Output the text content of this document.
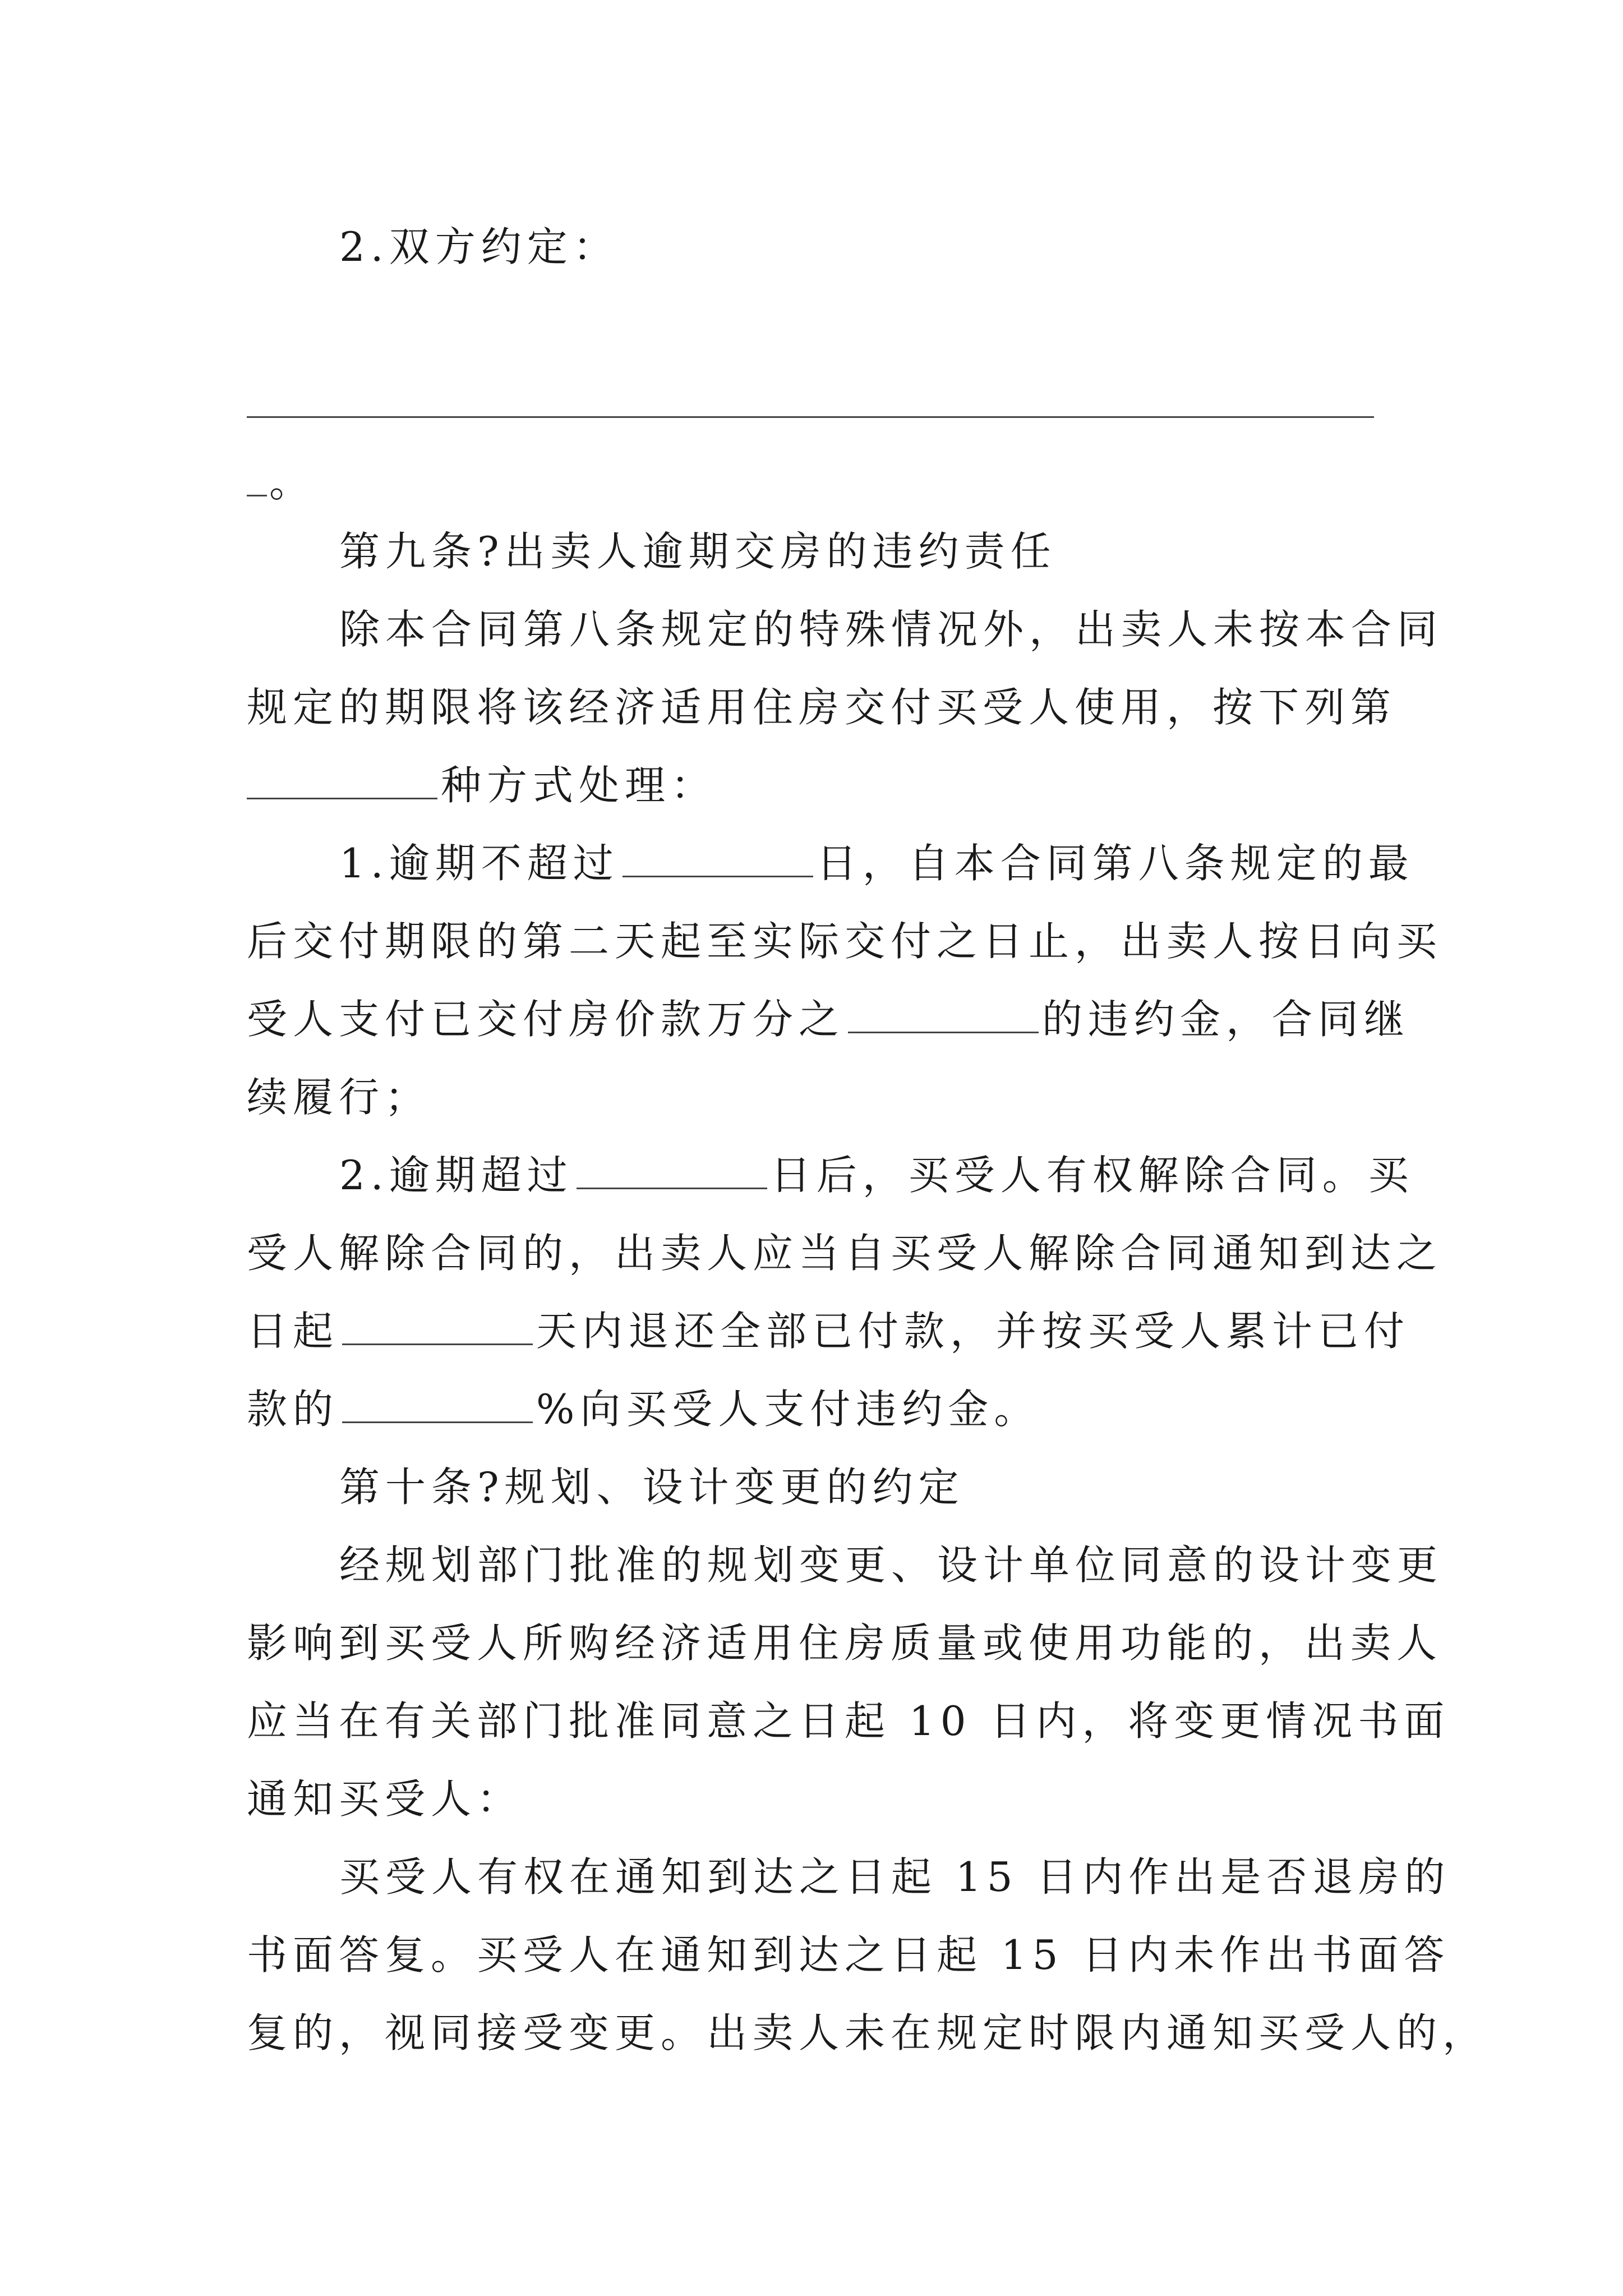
2.双方约定：
。
第九条?出卖人逾期交房的违约责任
除本合同第八条规定的特殊情况外，出卖人未按本合同
规定的期限将该经济适用住房交付买受人使用，按下列第
种方式处理：
1.逾期不超过	日，自本合同第八条规定的最
后交付期限的第二天起至实际交付之日止，出卖人按日向买
受人支付已交付房价款万分之	的违约金，合同继
续履行；
2.逾期超过	日后，买受人有权解除合同。买
受人解除合同的，出卖人应当自买受人解除合同通知到达之
日起	天内退还全部已付款，并按买受人累计已付
款的	%向买受人支付违约金。
第十条?规划、设计变更的约定
经规划部门批准的规划变更、设计单位同意的设计变更
影响到买受人所购经济适用住房质量或使用功能的，出卖人
应当在有关部门批准同意之日起 10 日内，将变更情况书面
通知买受人：
买受人有权在通知到达之日起 15 日内作出是否退房的
书面答复。买受人在通知到达之日起 15 日内未作出书面答
复的，视同接受变更。出卖人未在规定时限内通知买受人的，
